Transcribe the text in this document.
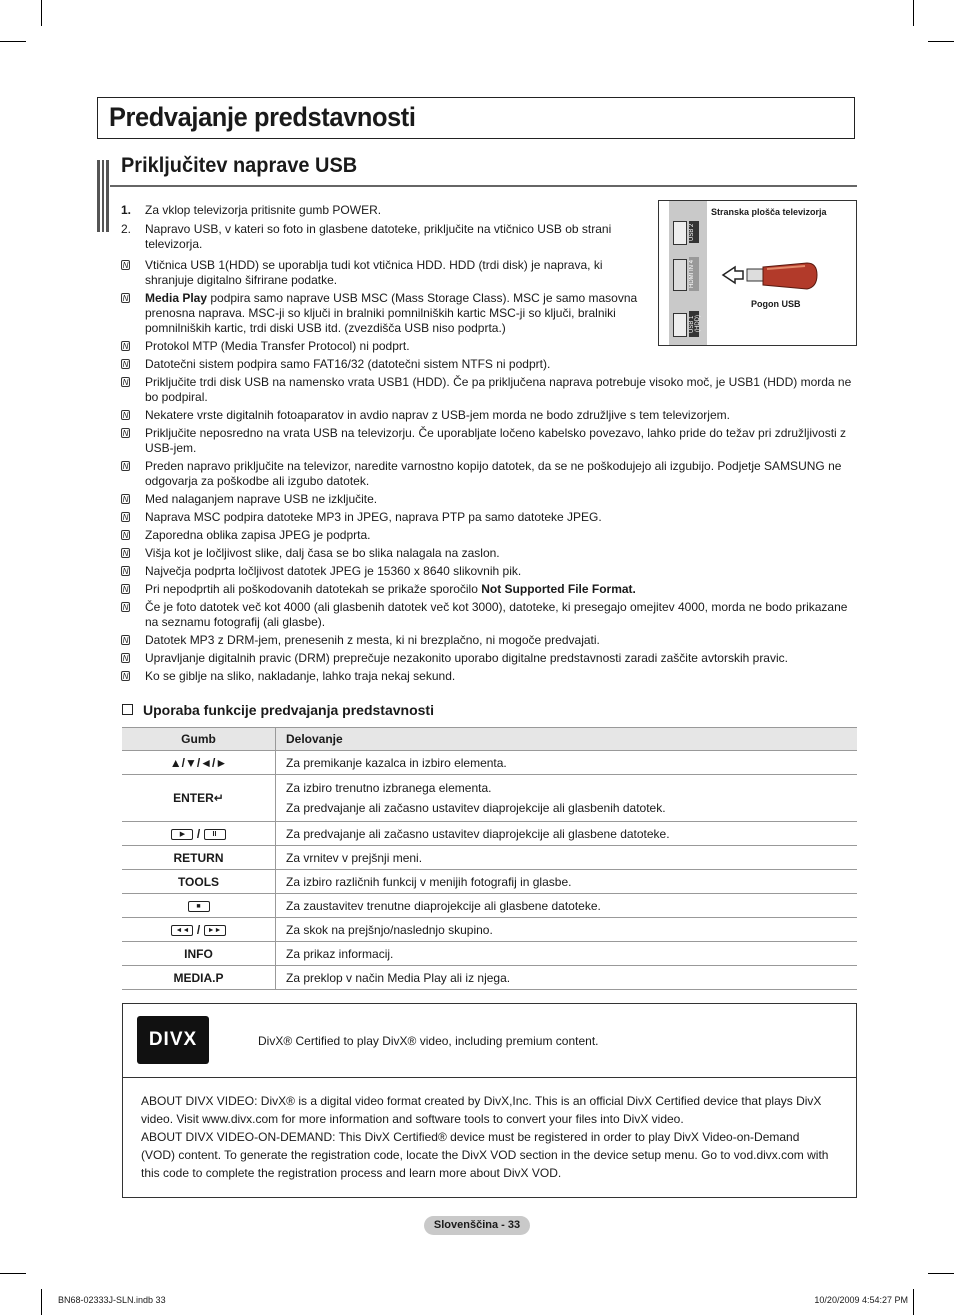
Predvajanje predstavnosti
Priključitev naprave USB
1. Za vklop televizorja pritisnite gumb POWER.
2. Napravo USB, v kateri so foto in glasbene datoteke, priključite na vtičnico USB ob strani televizorja.
USB 2
HDMI IN 4
USB 1 (HDD)
Stranska plošča televizorja
Pogon USB
N Vtičnica USB 1(HDD) se uporablja tudi kot vtičnica HDD. HDD (trdi disk) je naprava, ki shranjuje digitalno šifrirane podatke.
N Media Play podpira samo naprave USB MSC (Mass Storage Class). MSC je samo masovna prenosna naprava. MSC-ji so ključi in bralniki pomnilniških kartic MSC-ji so ključi, bralniki pomnilniških kartic, trdi diski USB itd. (zvezdišča USB niso podprta.)
N Protokol MTP (Media Transfer Protocol) ni podprt.
N Datotečni sistem podpira samo FAT16/32 (datotečni sistem NTFS ni podprt).
N Priključite trdi disk USB na namensko vrata USB1 (HDD). Če pa priključena naprava potrebuje visoko moč, je USB1 (HDD) morda ne bo podpiral.
N Nekatere vrste digitalnih fotoaparatov in avdio naprav z USB-jem morda ne bodo združljive s tem televizorjem.
N Priključite neposredno na vrata USB na televizorju. Če uporabljate ločeno kabelsko povezavo, lahko pride do težav pri združljivosti z USB-jem.
N Preden napravo priključite na televizor, naredite varnostno kopijo datotek, da se ne poškodujejo ali izgubijo. Podjetje SAMSUNG ne odgovarja za poškodbe ali izgubo datotek.
N Med nalaganjem naprave USB ne izključite.
N Naprava MSC podpira datoteke MP3 in JPEG, naprava PTP pa samo datoteke JPEG.
N Zaporedna oblika zapisa JPEG je podprta.
N Višja kot je ločljivost slike, dalj časa se bo slika nalagala na zaslon.
N Največja podprta ločljivost datotek JPEG je 15360 x 8640 slikovnih pik.
N Pri nepodprtih ali poškodovanih datotekah se prikaže sporočilo Not Supported File Format.
N Če je foto datotek več kot 4000 (ali glasbenih datotek več kot 3000), datoteke, ki presegajo omejitev 4000, morda ne bodo prikazane na seznamu fotografij (ali glasbe).
N Datotek MP3 z DRM-jem, prenesenih z mesta, ki ni brezplačno, ni mogoče predvajati.
N Upravljanje digitalnih pravic (DRM) preprečuje nezakonito uporabo digitalne predstavnosti zaradi zaščite avtorskih pravic.
N Ko se giblje na sliko, nakladanje, lahko traja nekaj sekund.
Uporaba funkcije predvajanja predstavnosti
Gumb	Delovanje
▲/▼/◄/►	Za premikanje kazalca in izbiro elementa.
ENTER↵	Za izbiro trenutno izbranega elementa.
Za predvajanje ali začasno ustavitev diaprojekcije ali glasbenih datotek.

▶ / II	Za predvajanje ali začasno ustavitev diaprojekcije ali glasbene datoteke.
RETURN	Za vrnitev v prejšnji meni.
TOOLS	Za izbiro različnih funkcij v menijih fotografij in glasbe.
■	Za zaustavitev trenutne diaprojekcije ali glasbene datoteke.
◄◄ / ►►	Za skok na prejšnjo/naslednjo skupino.
INFO	Za prikaz informacij.
MEDIA.P	Za preklop v način Media Play ali iz njega.
DIVX	DivX® Certified to play DivX® video, including premium content.
ABOUT DIVX VIDEO: DivX® is a digital video format created by DivX,Inc. This is an official DivX Certified device that plays DivX video. Visit www.divx.com for more information and software tools to convert your files into DivX video.
ABOUT DIVX VIDEO-ON-DEMAND: This DivX Certified® device must be registered in order to play DivX Video-on-Demand (VOD) content. To generate the registration code, locate the DivX VOD section in the device setup menu. Go to vod.divx.com with this code to complete the registration process and learn more about DivX VOD.
Slovenščina - 33
BN68-02333J-SLN.indb 33	10/20/2009 4:54:27 PM
